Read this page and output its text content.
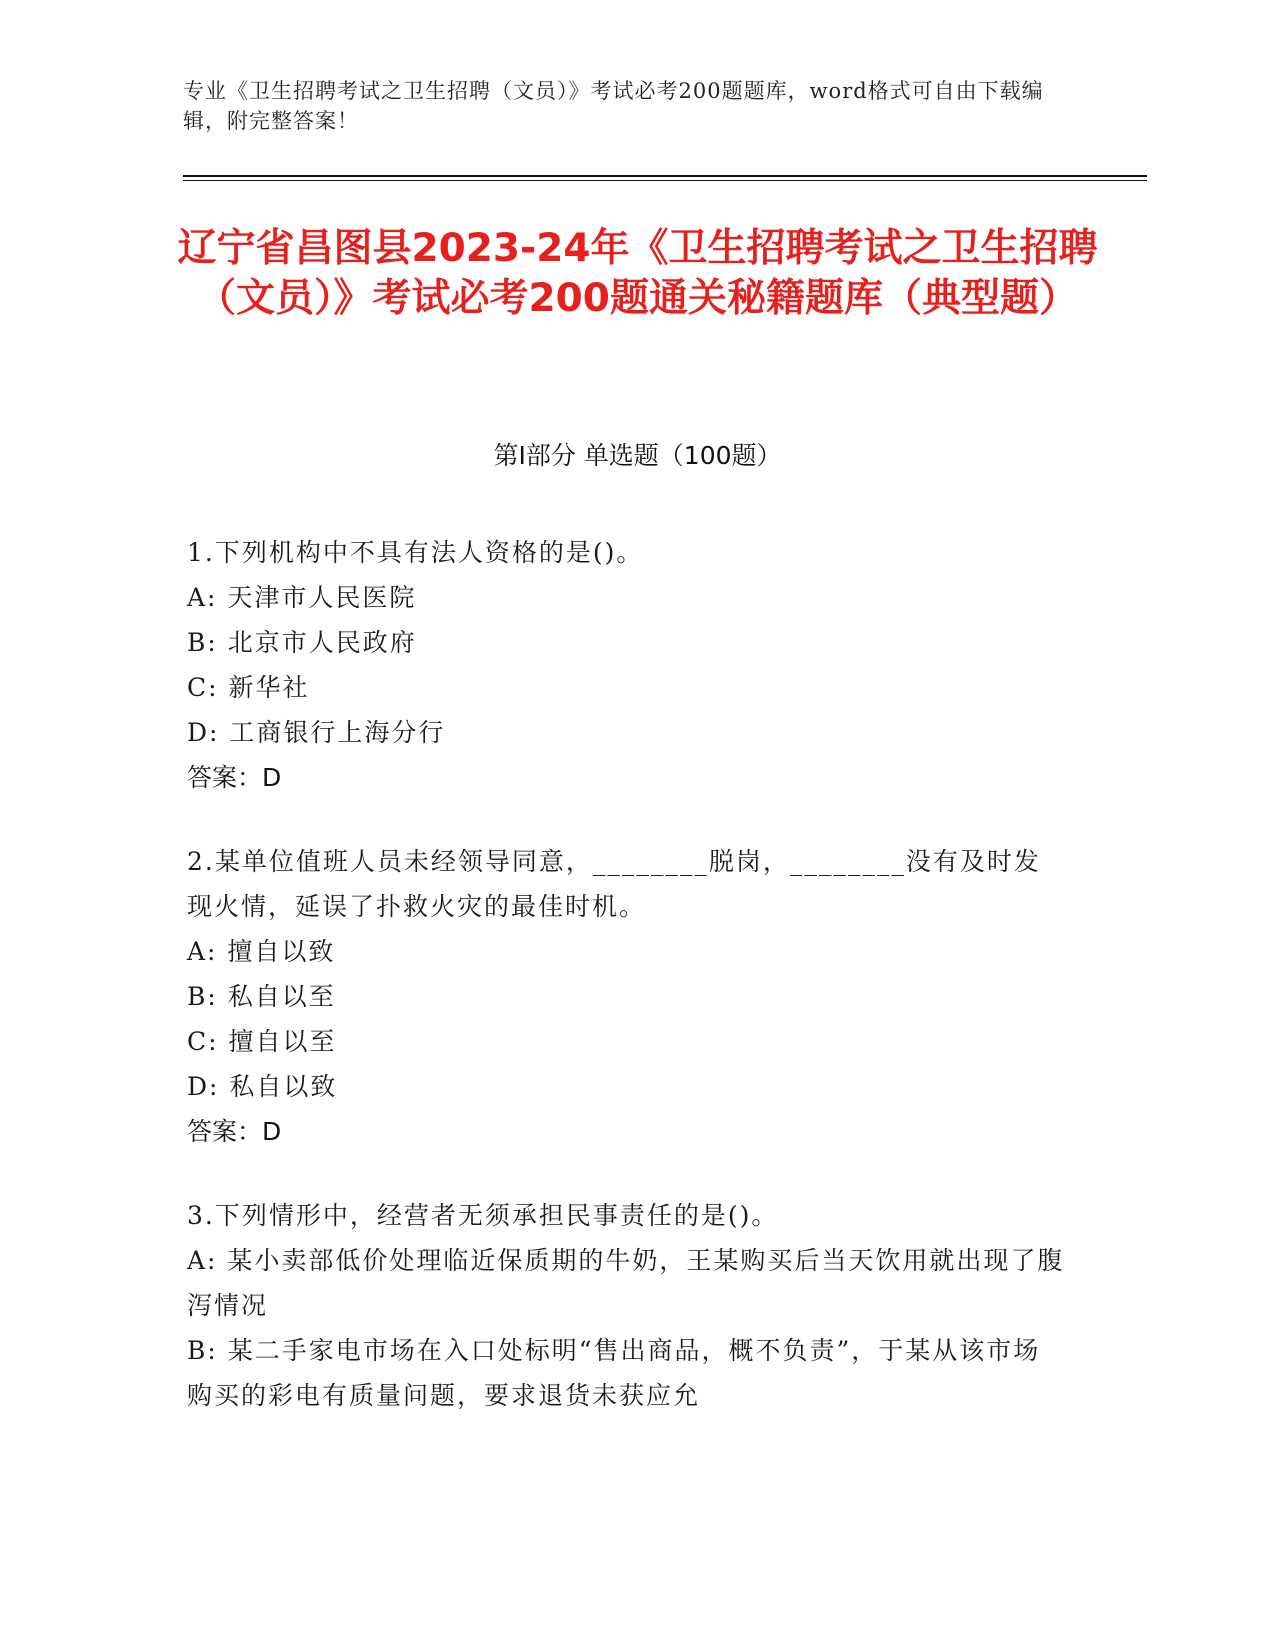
专业《卫生招聘考试之卫生招聘（文员）》考试必考200题题库，word格式可自由下载编辑，附完整答案！
辽宁省昌图县2023-24年《卫生招聘考试之卫生招聘（文员）》考试必考200题通关秘籍题库（典型题）
第Ⅰ部分 单选题（100题）
1.下列机构中不具有法人资格的是()。
A: 天津市人民医院
B: 北京市人民政府
C: 新华社
D: 工商银行上海分行
答案：D
2.某单位值班人员未经领导同意，________脱岗，________没有及时发现火情，延误了扑救火灾的最佳时机。
A: 擅自以致
B: 私自以至
C: 擅自以至
D: 私自以致
答案：D
3.下列情形中，经营者无须承担民事责任的是()。
A: 某小卖部低价处理临近保质期的牛奶，王某购买后当天饮用就出现了腹泻情况
B: 某二手家电市场在入口处标明“售出商品，概不负责”，于某从该市场购买的彩电有质量问题，要求退货未获应允
